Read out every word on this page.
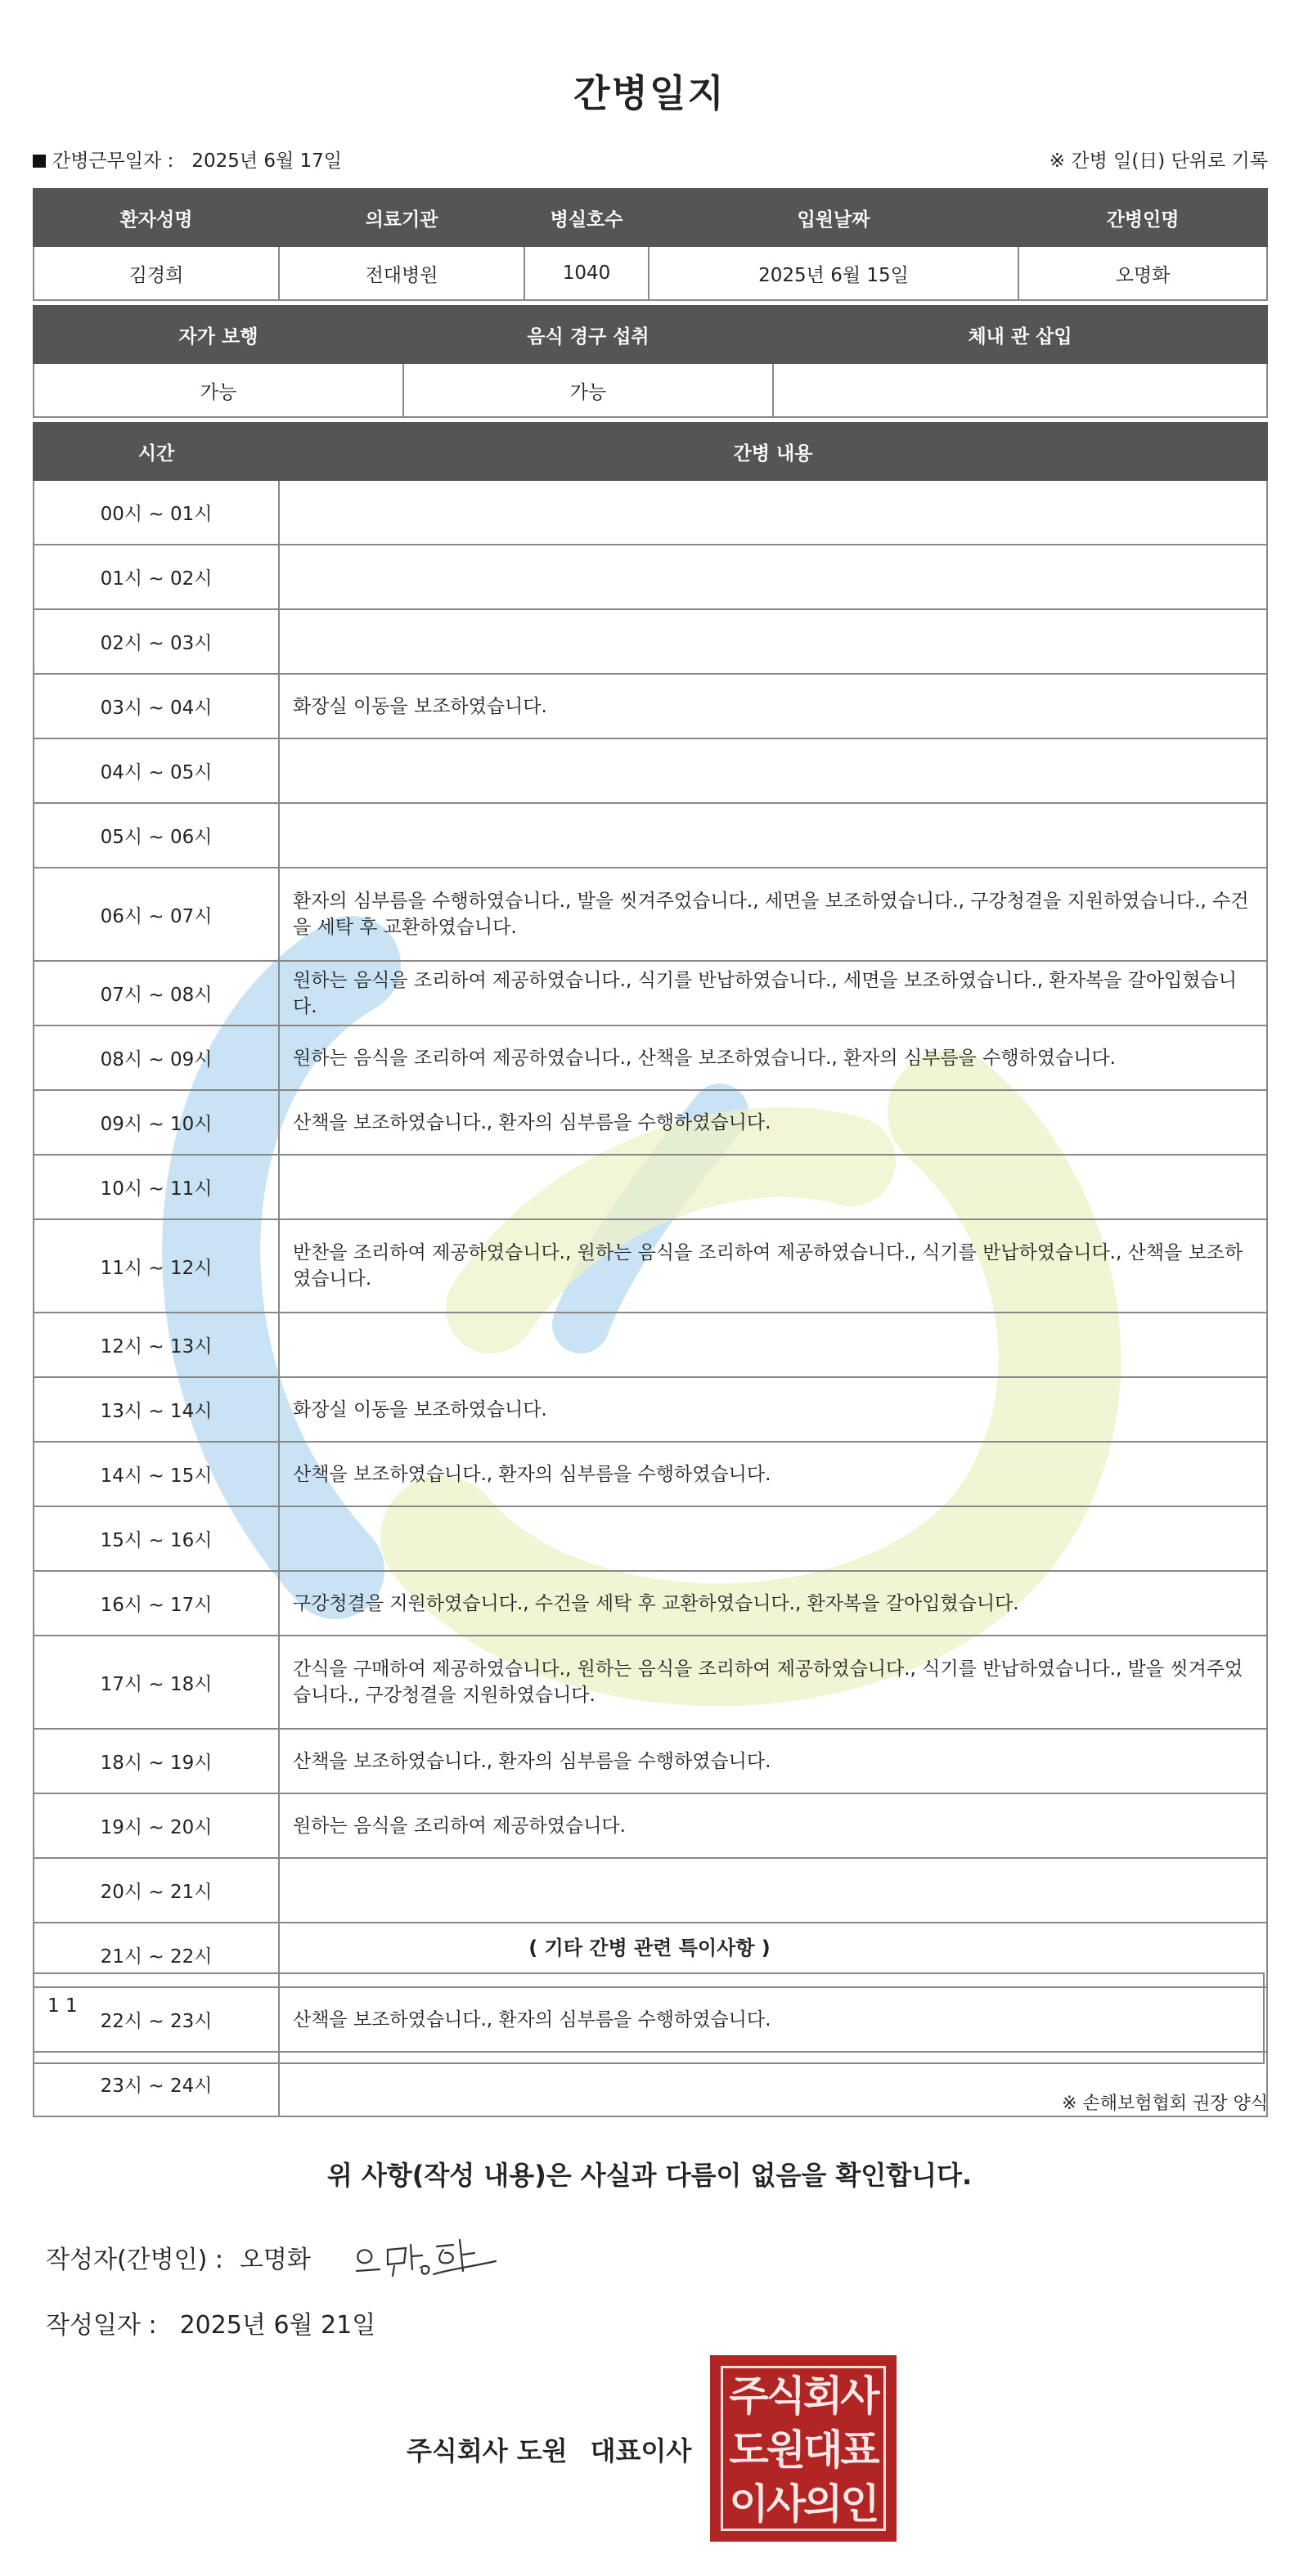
간병일지
간병근무일자 : 2025년 6월 17일	※ 간병 일(日) 단위로 기록
환자성명	의료기관	병실호수	입원날짜	간병인명
김경희	전대병원	1040	2025년 6월 15일	오명화
자가 보행	음식 경구 섭취	체내 관 삽입
가능	가능	
시간	간병 내용
00시 ~ 01시	
01시 ~ 02시	
02시 ~ 03시	
03시 ~ 04시	화장실 이동을 보조하였습니다.
04시 ~ 05시	
05시 ~ 06시	
06시 ~ 07시	환자의 심부름을 수행하였습니다., 발을 씻겨주었습니다., 세면을 보조하였습니다., 구강청결을 지원하였습니다., 수건을 세탁 후 교환하였습니다.
07시 ~ 08시	원하는 음식을 조리하여 제공하였습니다., 식기를 반납하였습니다., 세면을 보조하였습니다., 환자복을 갈아입혔습니다.
08시 ~ 09시	원하는 음식을 조리하여 제공하였습니다., 산책을 보조하였습니다., 환자의 심부름을 수행하였습니다.
09시 ~ 10시	산책을 보조하였습니다., 환자의 심부름을 수행하였습니다.
10시 ~ 11시	
11시 ~ 12시	반찬을 조리하여 제공하였습니다., 원하는 음식을 조리하여 제공하였습니다., 식기를 반납하였습니다., 산책을 보조하였습니다.
12시 ~ 13시	
13시 ~ 14시	화장실 이동을 보조하였습니다.
14시 ~ 15시	산책을 보조하였습니다., 환자의 심부름을 수행하였습니다.
15시 ~ 16시	
16시 ~ 17시	구강청결을 지원하였습니다., 수건을 세탁 후 교환하였습니다., 환자복을 갈아입혔습니다.
17시 ~ 18시	간식을 구매하여 제공하였습니다., 원하는 음식을 조리하여 제공하였습니다., 식기를 반납하였습니다., 발을 씻겨주었습니다., 구강청결을 지원하였습니다.
18시 ~ 19시	산책을 보조하였습니다., 환자의 심부름을 수행하였습니다.
19시 ~ 20시	원하는 음식을 조리하여 제공하였습니다.
20시 ~ 21시	
21시 ~ 22시	
22시 ~ 23시	산책을 보조하였습니다., 환자의 심부름을 수행하였습니다.
23시 ~ 24시	
( 기타 간병 관련 특이사항 )
1 1
※ 손해보험협회 권장 양식
위 사항(작성 내용)은 사실과 다름이 없음을 확인합니다.
작성자(간병인) : 오명화
작성일자 : 2025년 6월 21일
주식회사 도원 대표이사
주식회사
도원대표
이사의인
